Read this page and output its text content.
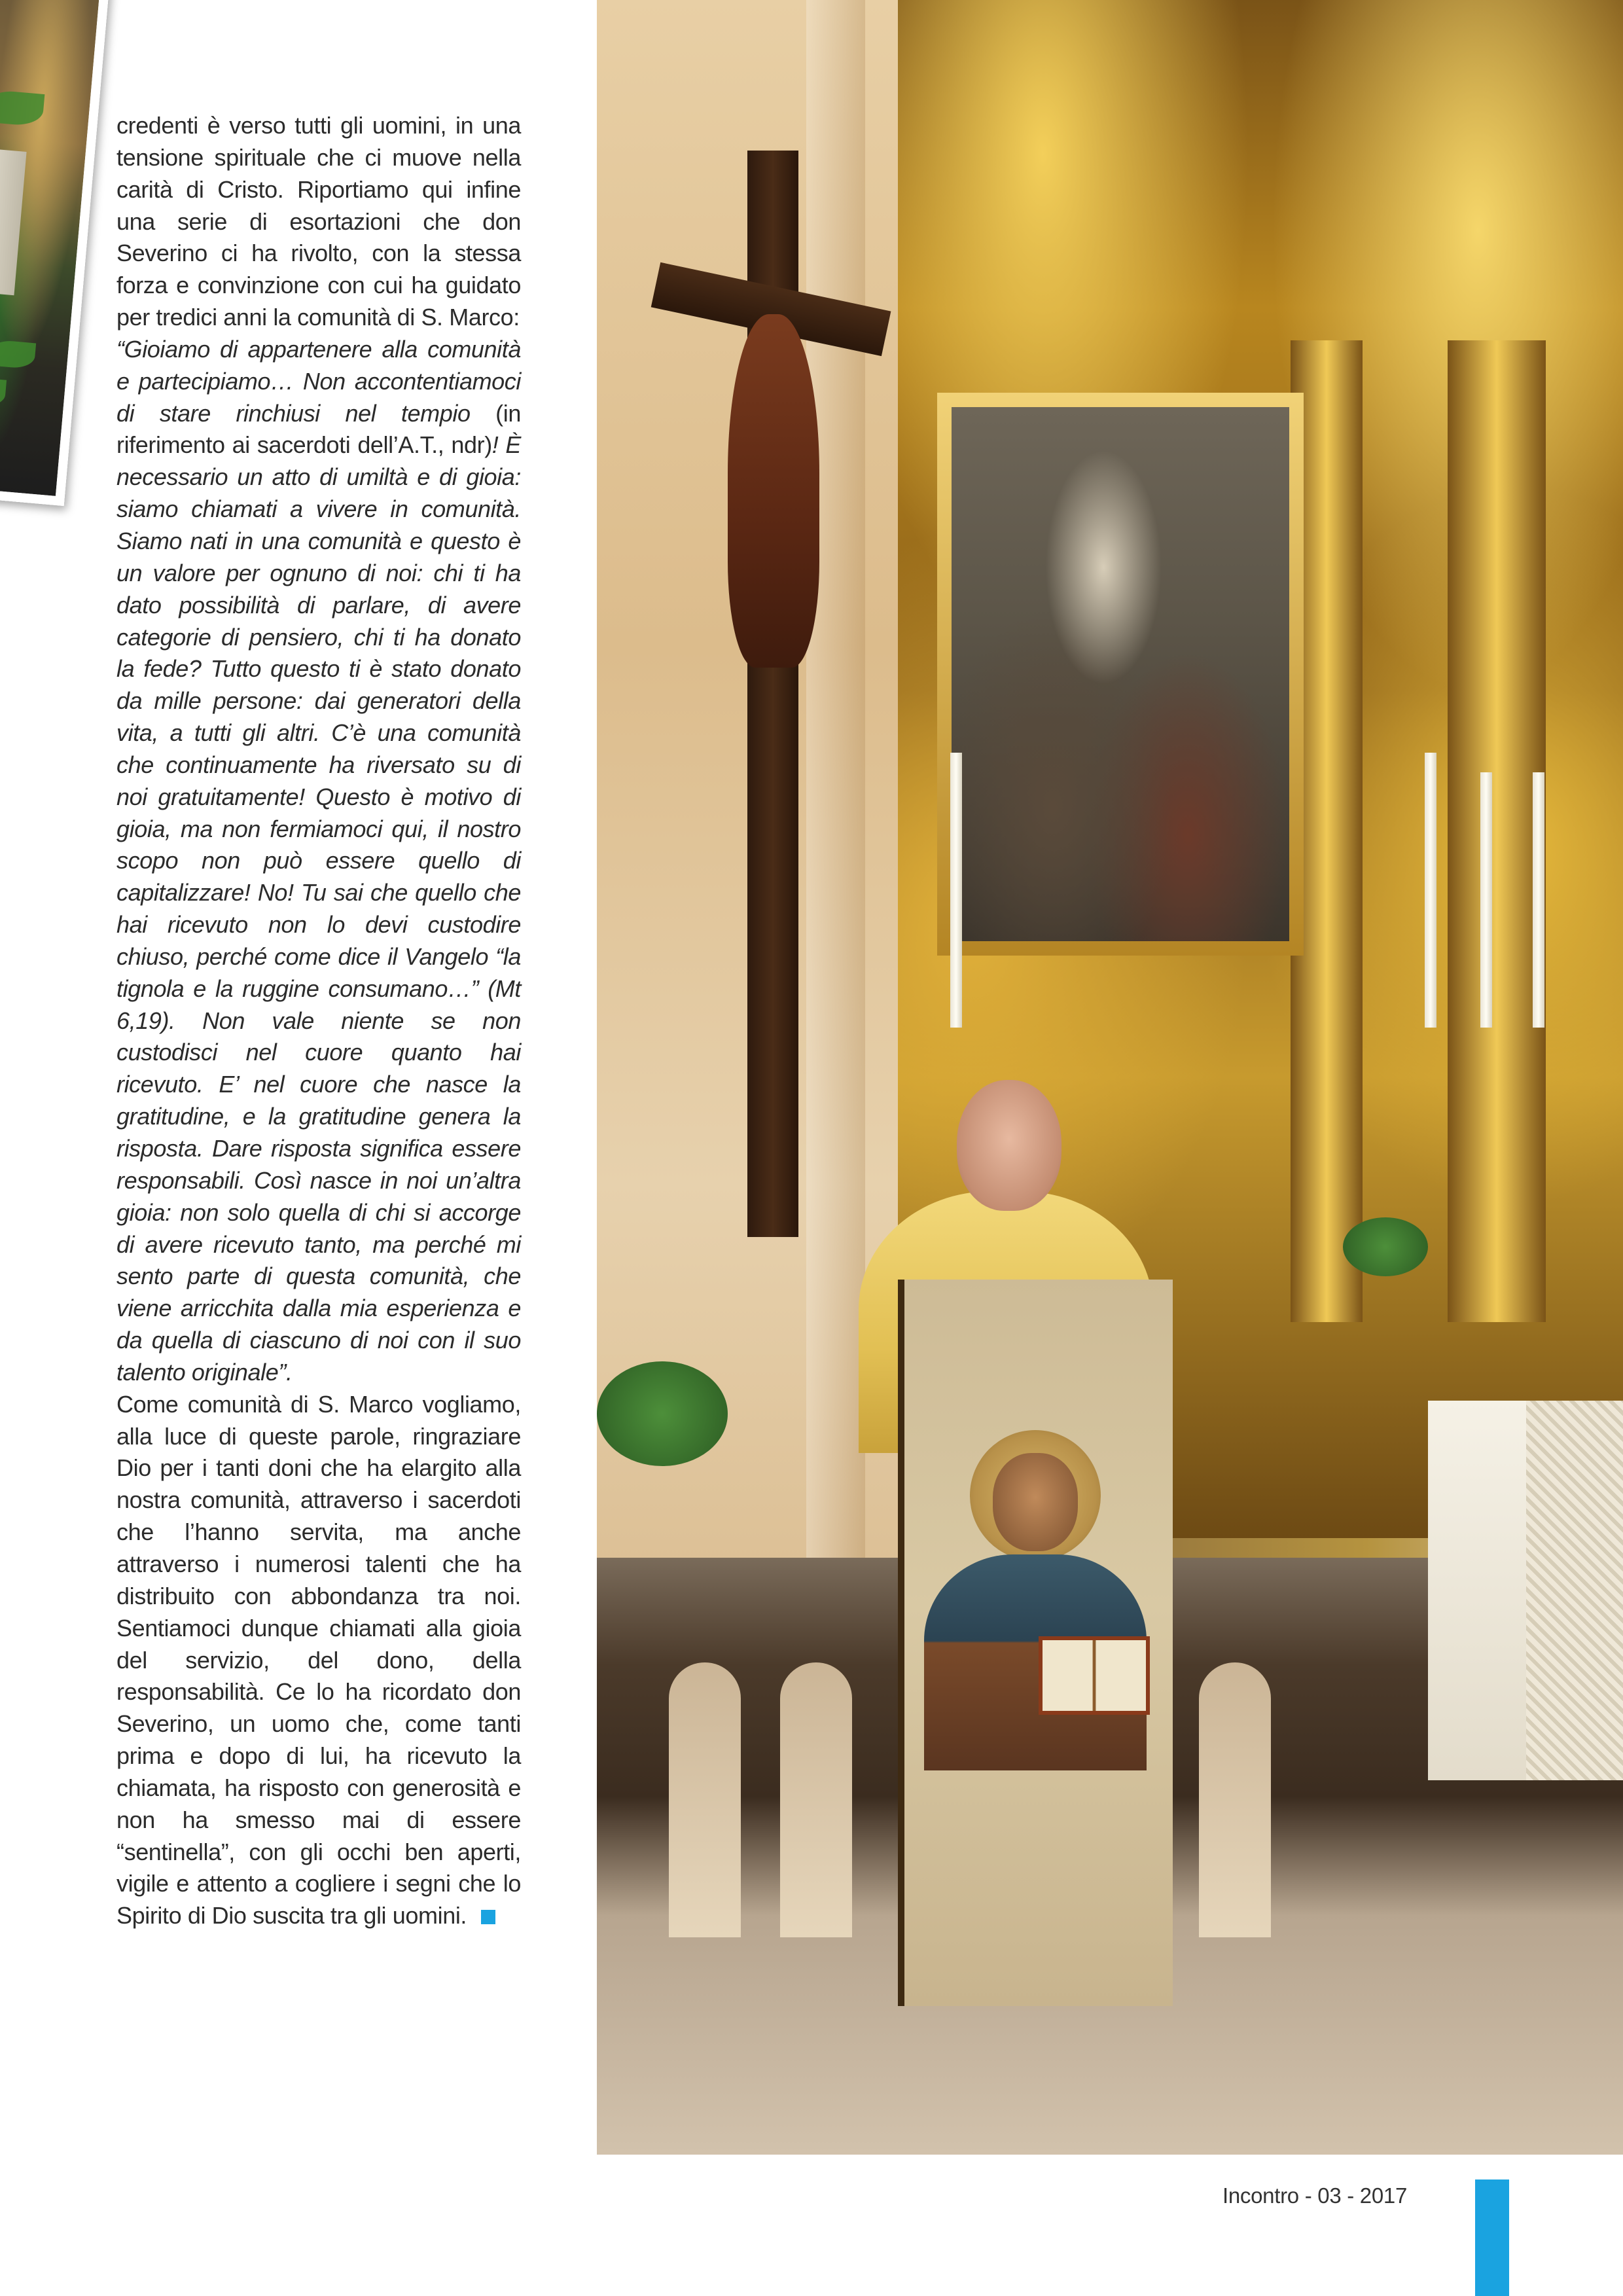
credenti è verso tutti gli uomini, in una tensione spirituale che ci muove nella carità di Cristo. Riportiamo qui infine una serie di esortazioni che don Severino ci ha rivolto, con la stessa forza e convinzione con cui ha guidato per tredici anni la comunità di S. Marco:

“Gioiamo di appartenere alla comunità e partecipiamo… Non accontentiamoci di stare rinchiusi nel tempio (in riferimento ai sacerdoti dell’A.T., ndr)! È necessario un atto di umiltà e di gioia: siamo chiamati a vivere in comunità. Siamo nati in una comunità e questo è un valore per ognuno di noi: chi ti ha dato possibilità di parlare, di avere categorie di pensiero, chi ti ha donato la fede? Tutto questo ti è stato donato da mille persone: dai generatori della vita, a tutti gli altri. C’è una comunità che continuamente ha riversato su di noi gratuitamente! Questo è motivo di gioia, ma non fermiamoci qui, il nostro scopo non può essere quello di capitalizzare! No! Tu sai che quello che hai ricevuto non lo devi custodire chiuso, perché come dice il Vangelo “la tignola e la ruggine consumano…” (Mt 6,19). Non vale niente se non custodisci nel cuore quanto hai ricevuto. E’ nel cuore che nasce la gratitudine, e la gratitudine genera la risposta. Dare risposta significa essere responsabili. Così nasce in noi un’altra gioia: non solo quella di chi si accorge di avere ricevuto tanto, ma perché mi sento parte di questa comunità, che viene arricchita dalla mia esperienza e da quella di ciascuno di noi con il suo talento originale”.

Come comunità di S. Marco vogliamo, alla luce di queste parole, ringraziare Dio per i tanti doni che ha elargito alla nostra comunità, attraverso i sacerdoti che l’hanno servita, ma anche attraverso i numerosi talenti che ha distribuito con abbondanza tra noi. Sentiamoci dunque chiamati alla gioia del servizio, del dono, della responsabilità. Ce lo ha ricordato don Severino, un uomo che, come tanti prima e dopo di lui, ha ricevuto la chiamata, ha risposto con generosità e non ha smesso mai di essere “sentinella”, con gli occhi ben aperti, vigile e attento a cogliere i segni che lo Spirito di Dio suscita tra gli uomini.

Incontro - 03 - 2017
